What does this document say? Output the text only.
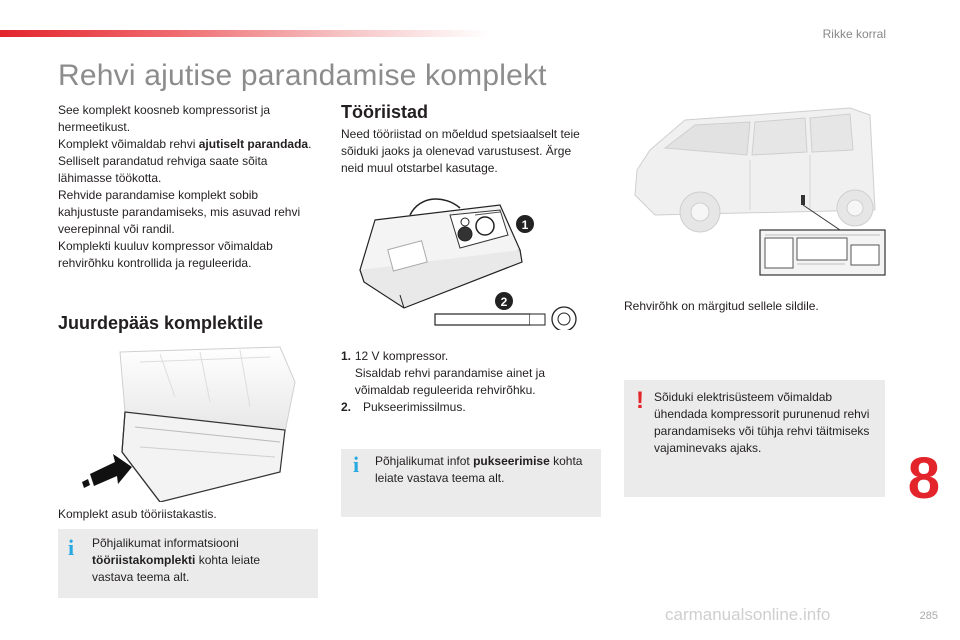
Rikke korral
Rehvi ajutise parandamise komplekt
See komplekt koosneb kompressorist ja hermeetikust.
Komplekt võimaldab rehvi ajutiselt parandada.
Selliselt parandatud rehviga saate sõita lähimasse töökotta.
Rehvide parandamise komplekt sobib kahjustuste parandamiseks, mis asuvad rehvi veerepinnal või randil.
Komplekti kuuluv kompressor võimaldab rehvirõhku kontrollida ja reguleerida.
Juurdepääs komplektile
Komplekt asub tööriistakastis.
i	Põhjalikumat informatsiooni tööriistakomplekti kohta leiate vastava teema alt.
Tööriistad
Need tööriistad on mõeldud spetsiaalselt teie sõiduki jaoks ja olenevad varustusest. Ärge neid muul otstarbel kasutage.
1
2
1. 12 V kompressor.
Sisaldab rehvi parandamise ainet ja võimaldab reguleerida rehvirõhku.
2. Pukseerimissilmus.
i	Põhjalikumat infot pukseerimise kohta leiate vastava teema alt.
Rehvirõhk on märgitud sellele sildile.
! Sõiduki elektrisüsteem võimaldab ühendada kompressorit purunenud rehvi parandamiseks või tühja rehvi täitmiseks vajaminevaks ajaks.	8
285
carmanualsonline.info
